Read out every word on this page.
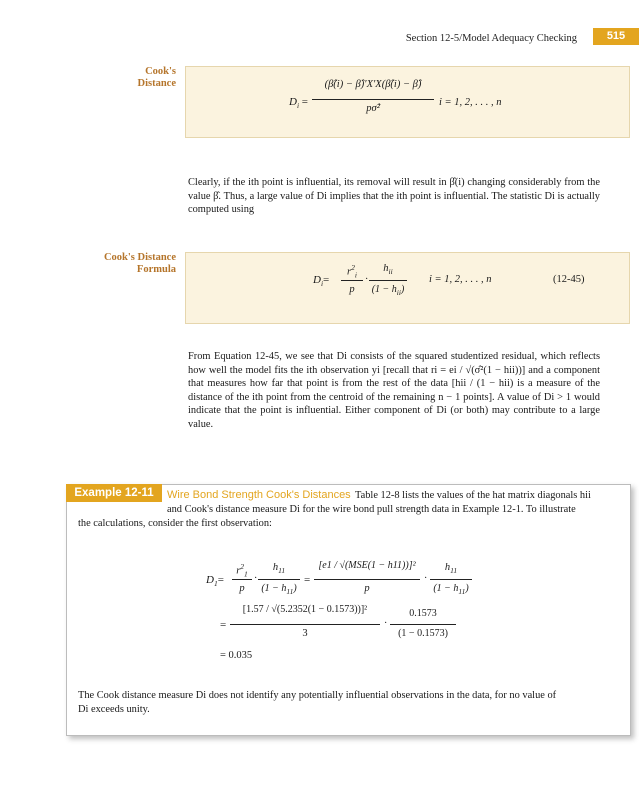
Section 12-5/Model Adequacy Checking	515
Cook's
Distance
$D_i$ =
(β̂(i) − β̂)′X′X(β̂(i) − β̂)
pσ̂²
i = 1, 2, . . . , n
Clearly, if the ith point is influential, its removal will result in β̂(i) changing considerably from the value β̂. Thus, a large value of Di implies that the ith point is influential. The statistic Di is actually computed using
Cook's Distance
Formula
$D_i=$
$r^2_i$
p
·
$h_{ii}$
$(1 - h_{ii})$
i = 1, 2, . . . , n	(12-45)
From Equation 12-45, we see that Di consists of the squared studentized residual, which reflects how well the model fits the ith observation yi [recall that ri = ei / √(σ̂²(1 − hii))] and a component that measures how far that point is from the rest of the data [hii / (1 − hii) is a measure of the distance of the ith point from the centroid of the remaining n − 1 points]. A value of Di > 1 would indicate that the point is influential. Either component of Di (or both) may contribute to a large value.
Example 12-11	Wire Bond Strength Cook's Distances Table 12-8 lists the values of the hat matrix diagonals hii
and Cook's distance measure Di for the wire bond pull strength data in Example 12-1. To illustrate
the calculations, consider the first observation:
$D_1=$
$r^2_1$
p
·
$h_{11}$
$(1 - h_{11})$
=
[e1 / √(MSE(1 − h11))]²
p
·
$h_{11}$
$(1 - h_{11})$
=
[1.57 / √(5.2352(1 − 0.1573))]²
3
·
0.1573
(1 − 0.1573)
= 0.035
The Cook distance measure Di does not identify any potentially influential observations in the data, for no value of
Di exceeds unity.
